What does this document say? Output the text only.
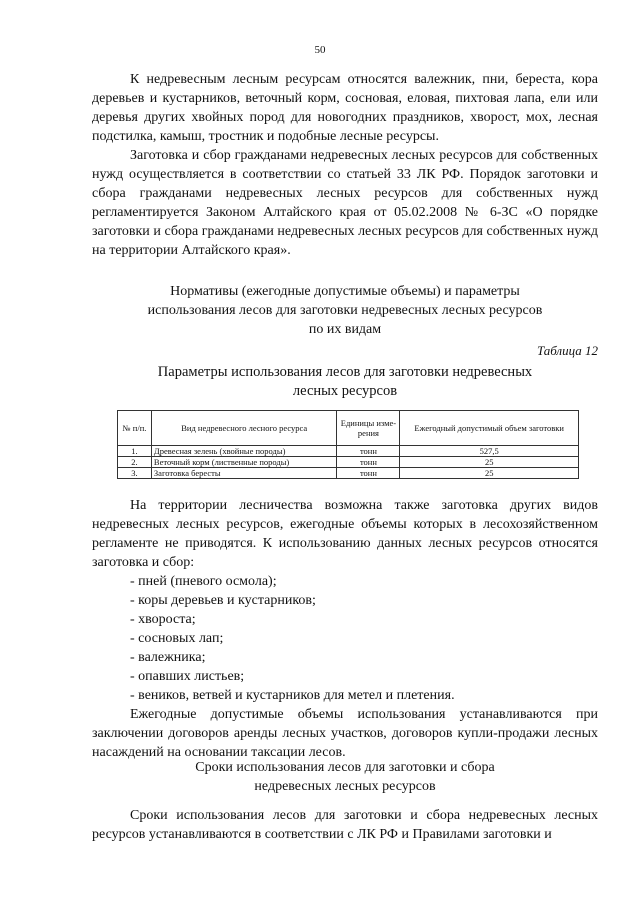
50

К недревесным лесным ресурсам относятся валежник, пни, береста, кора деревьев и кустарников, веточный корм, сосновая, еловая, пихтовая лапа, ели или деревья других хвойных пород для новогодних праздников, хворост, мох, лесная подстилка, камыш, тростник и подобные лесные ресурсы.

Заготовка и сбор гражданами недревесных лесных ресурсов для собственных нужд осуществляется в соответствии со статьей 33 ЛК РФ. Порядок заготовки и сбора гражданами недревесных лесных ресурсов для собственных нужд регламентируется Законом Алтайского края от 05.02.2008 № 6-ЗС «О порядке заготовки и сбора гражданами недревесных лесных ресурсов для собственных нужд на территории Алтайского края».

Нормативы (ежегодные допустимые объемы) и параметры
использования лесов для заготовки недревесных лесных ресурсов
по их видам
Таблица 12
Параметры использования лесов для заготовки недревесных
лесных ресурсов
№ п/п.	Вид недревесного лесного ресурса	Единицы изме-рения	Ежегодный допустимый объем заготовки
1.	Древесная зелень (хвойные породы)	тонн	527,5
2.	Веточный корм (лиственные породы)	тонн	25
3.	Заготовка бересты	тонн	25

На территории лесничества возможна также заготовка других видов недревесных лесных ресурсов, ежегодные объемы которых в лесохозяйственном регламенте не приводятся. К использованию данных лесных ресурсов относятся заготовка и сбор:

- пней (пневого осмола);
- коры деревьев и кустарников;
- хвороста;
- сосновых лап;
- валежника;
- опавших листьев;
- веников, ветвей и кустарников для метел и плетения.

Ежегодные допустимые объемы использования устанавливаются при заключении договоров аренды лесных участков, договоров купли-продажи лесных насаждений на основании таксации лесов.

Сроки использования лесов для заготовки и сбора
недревесных лесных ресурсов

Сроки использования лесов для заготовки и сбора недревесных лесных ресурсов устанавливаются в соответствии с ЛК РФ и Правилами заготовки и
